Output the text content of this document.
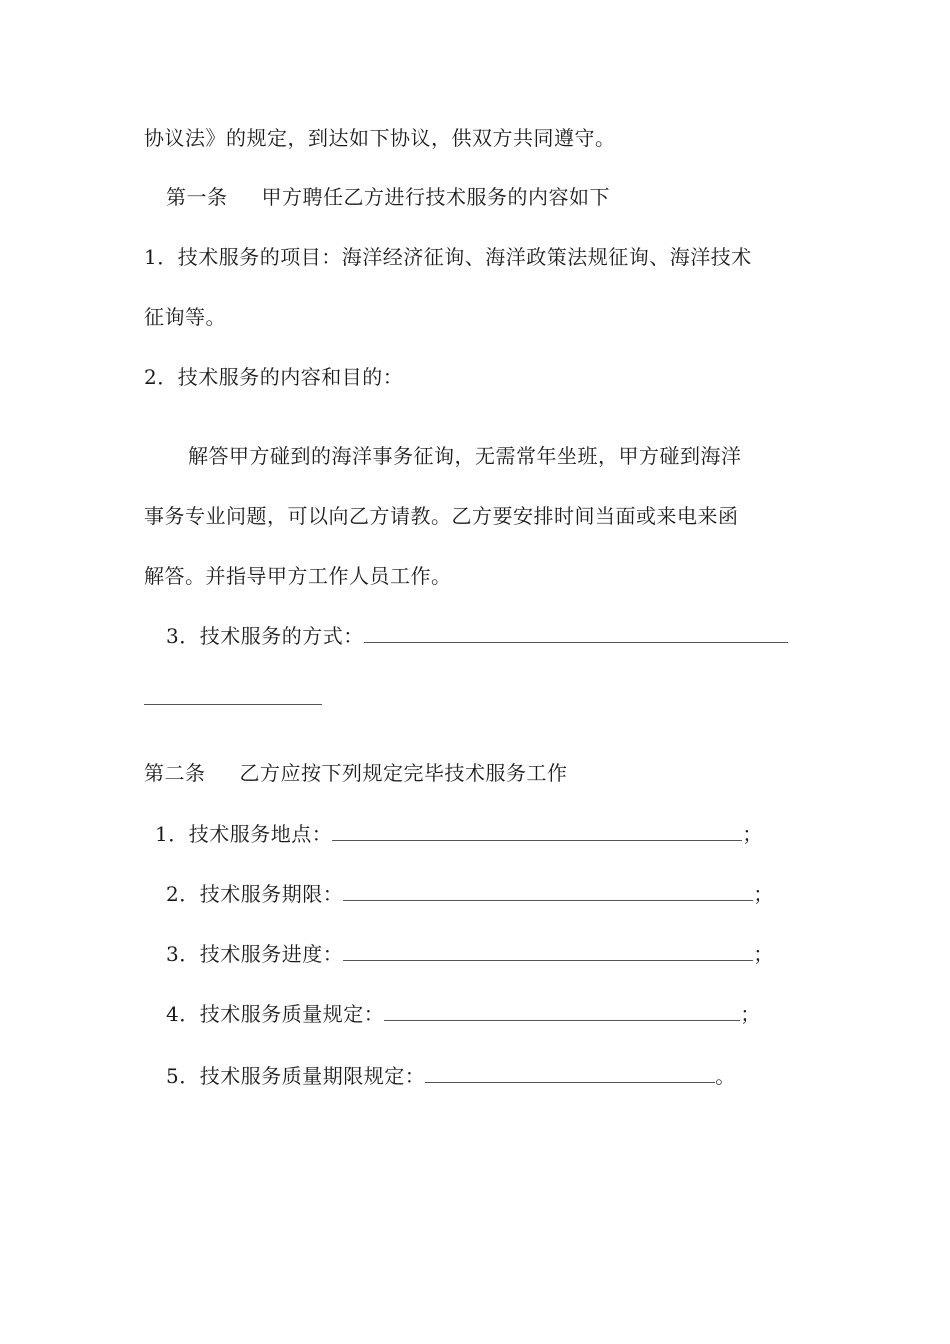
协议法》的规定，到达如下协议，供双方共同遵守。
第一条 甲方聘任乙方进行技术服务的内容如下
1．技术服务的项目：海洋经济征询、海洋政策法规征询、海洋技术
征询等。
2．技术服务的内容和目的：
解答甲方碰到的海洋事务征询，无需常年坐班，甲方碰到海洋
事务专业问题，可以向乙方请教。乙方要安排时间当面或来电来函
解答。并指导甲方工作人员工作。
3．技术服务的方式：
第二条 乙方应按下列规定完毕技术服务工作
1．技术服务地点：	；
2．技术服务期限：	；
3．技术服务进度：	；
4．技术服务质量规定：	；
5．技术服务质量期限规定：	。
